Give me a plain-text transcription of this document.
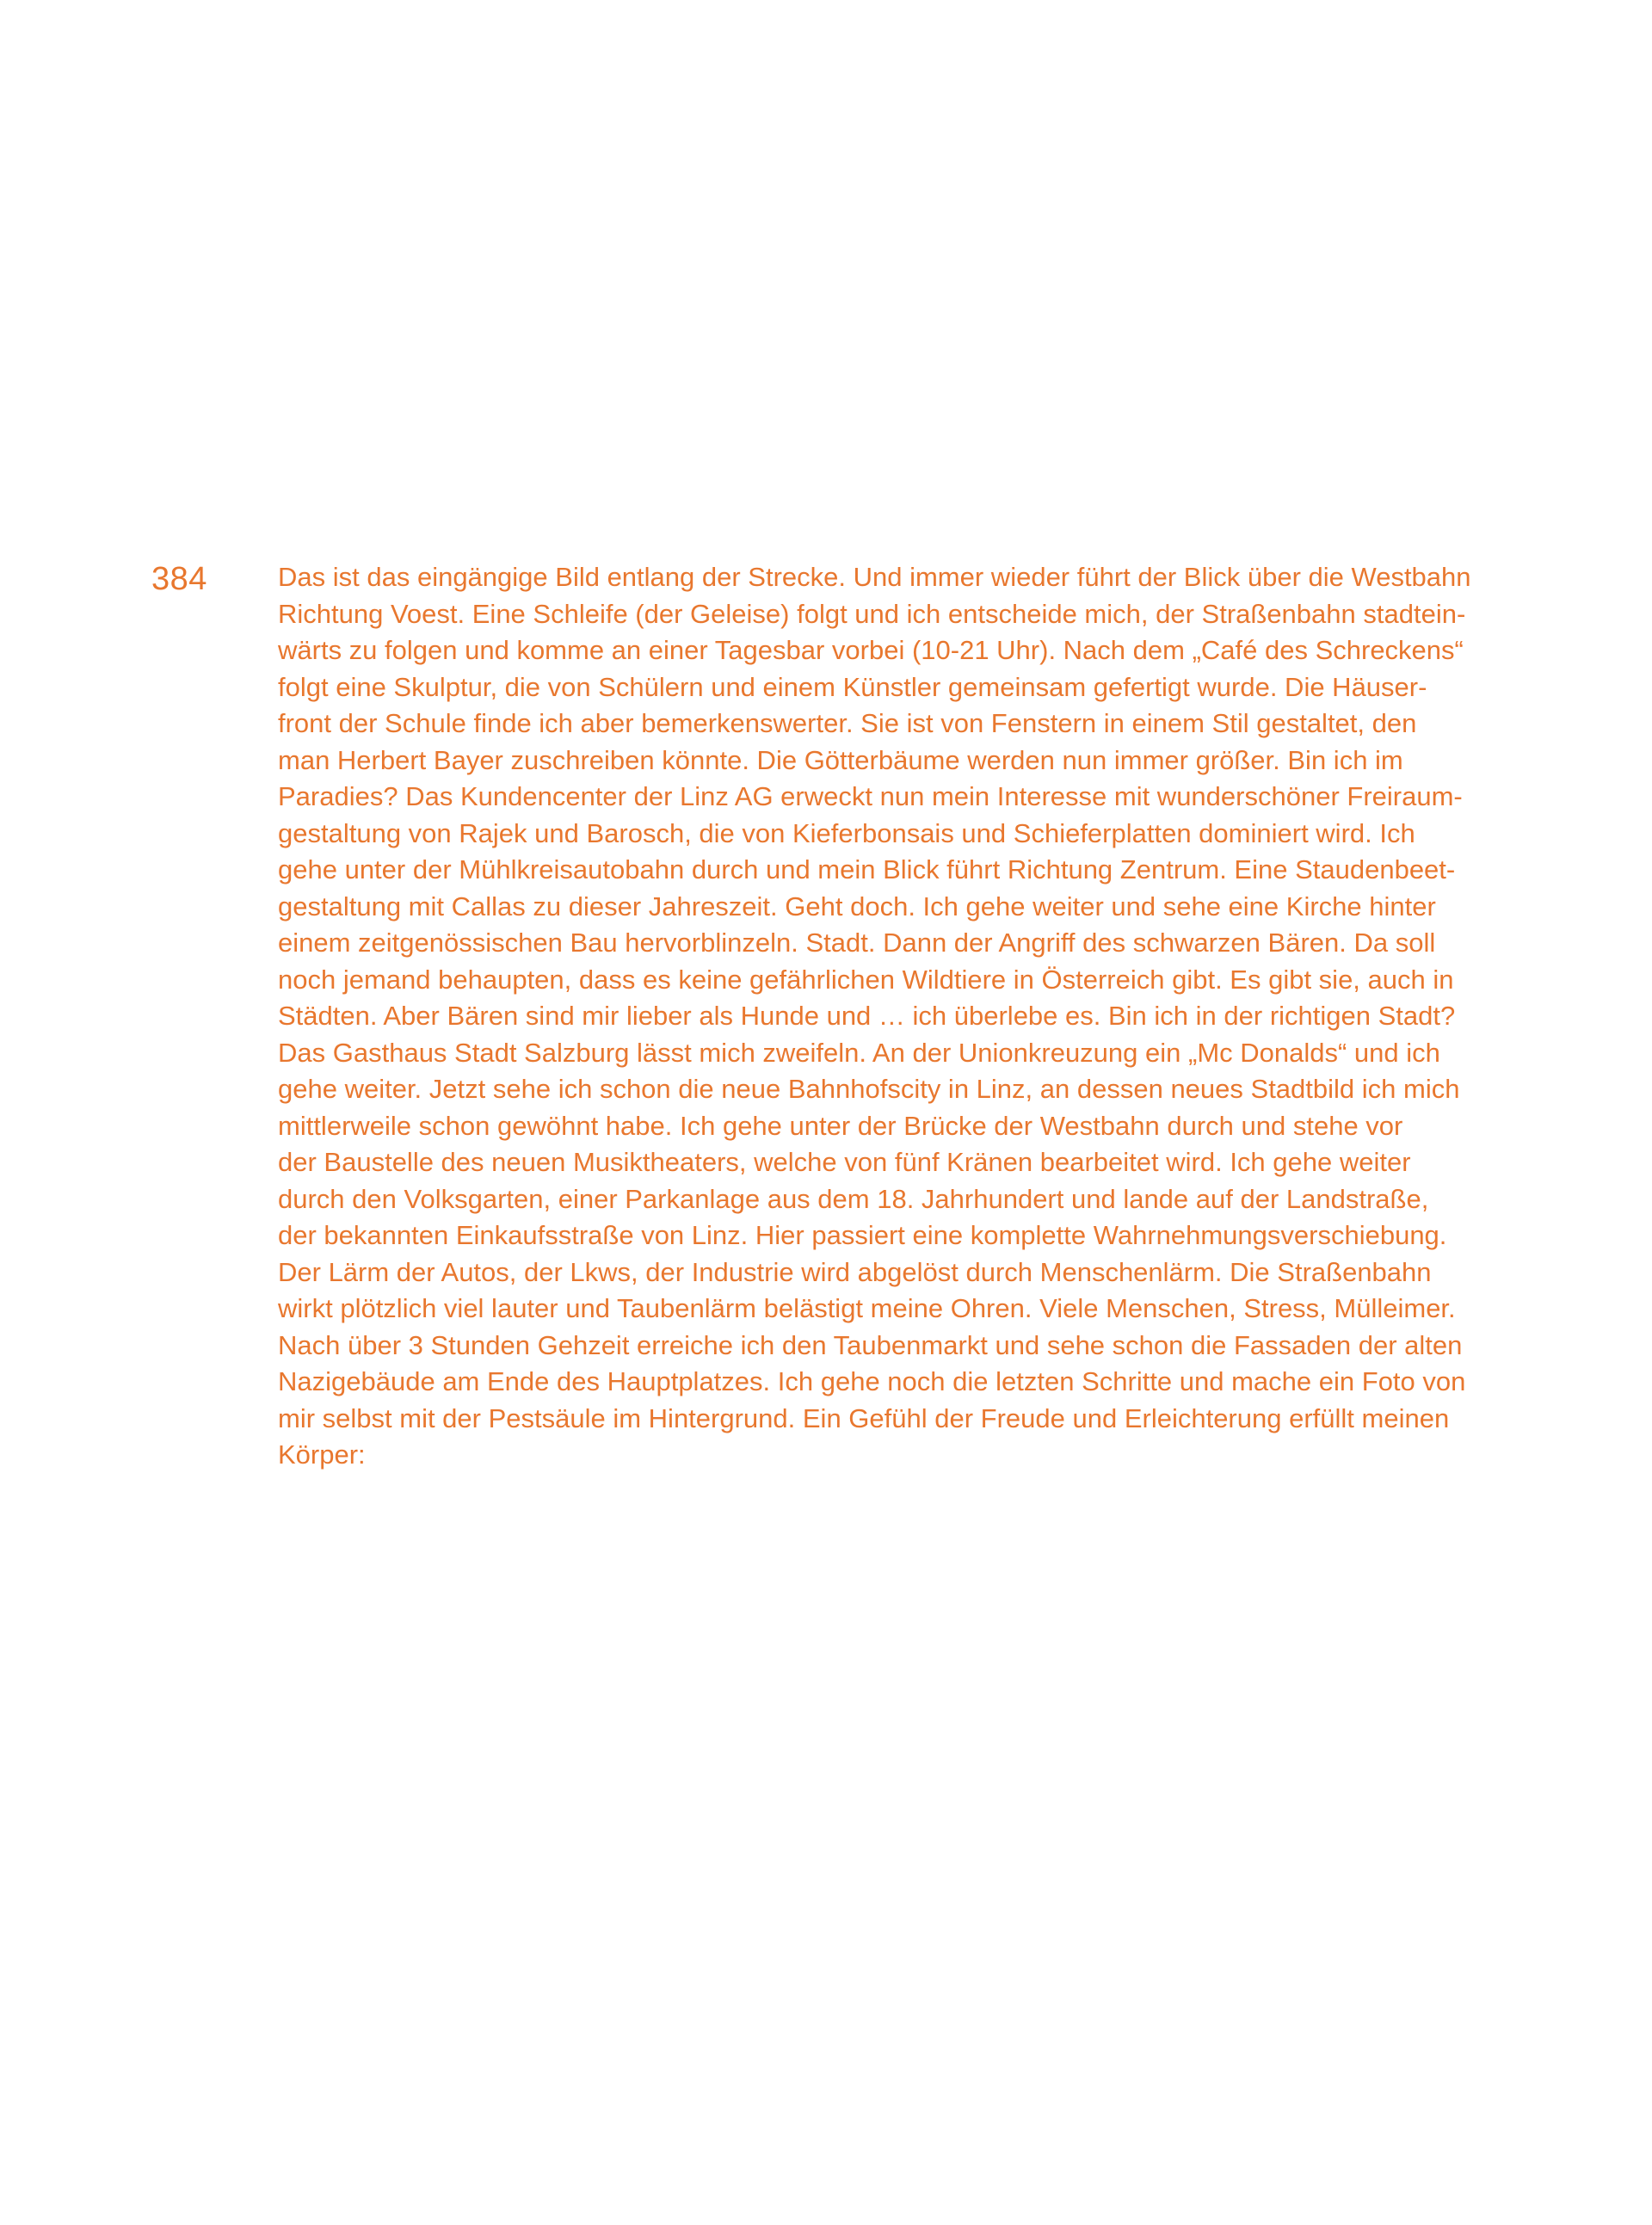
384	Das ist das eingängige Bild entlang der Strecke. Und immer wieder führt der Blick über die Westbahn
Richtung Voest. Eine Schleife (der Geleise) folgt und ich entscheide mich, der Straßenbahn stadtein-
wärts zu folgen und komme an einer Tagesbar vorbei (10-21 Uhr). Nach dem „Café des Schreckens“
folgt eine Skulptur, die von Schülern und einem Künstler gemeinsam gefertigt wurde. Die Häuser-
front der Schule finde ich aber bemerkenswerter. Sie ist von Fenstern in einem Stil gestaltet, den
man Herbert Bayer zuschreiben könnte. Die Götterbäume werden nun immer größer. Bin ich im
Paradies? Das Kundencenter der Linz AG erweckt nun mein Interesse mit wunderschöner Freiraum-
gestaltung von Rajek und Barosch, die von Kieferbonsais und Schieferplatten dominiert wird. Ich
gehe unter der Mühlkreisautobahn durch und mein Blick führt Richtung Zentrum. Eine Staudenbeet-
gestaltung mit Callas zu dieser Jahreszeit. Geht doch. Ich gehe weiter und sehe eine Kirche hinter
einem zeitgenössischen Bau hervorblinzeln. Stadt. Dann der Angriff des schwarzen Bären. Da soll
noch jemand behaupten, dass es keine gefährlichen Wildtiere in Österreich gibt. Es gibt sie, auch in
Städten. Aber Bären sind mir lieber als Hunde und … ich überlebe es. Bin ich in der richtigen Stadt?
Das Gasthaus Stadt Salzburg lässt mich zweifeln. An der Unionkreuzung ein „Mc Donalds“ und ich
gehe weiter. Jetzt sehe ich schon die neue Bahnhofscity in Linz, an dessen neues Stadtbild ich mich
mittlerweile schon gewöhnt habe. Ich gehe unter der Brücke der Westbahn durch und stehe vor
der Baustelle des neuen Musiktheaters, welche von fünf Kränen bearbeitet wird. Ich gehe weiter
durch den Volksgarten, einer Parkanlage aus dem 18. Jahrhundert und lande auf der Landstraße,
der bekannten Einkaufsstraße von Linz. Hier passiert eine komplette Wahrnehmungsverschiebung.
Der Lärm der Autos, der Lkws, der Industrie wird abgelöst durch Menschenlärm. Die Straßenbahn
wirkt plötzlich viel lauter und Taubenlärm belästigt meine Ohren. Viele Menschen, Stress, Mülleimer.
Nach über 3 Stunden Gehzeit erreiche ich den Taubenmarkt und sehe schon die Fassaden der alten
Nazigebäude am Ende des Hauptplatzes. Ich gehe noch die letzten Schritte und mache ein Foto von
mir selbst mit der Pestsäule im Hintergrund. Ein Gefühl der Freude und Erleichterung erfüllt meinen
Körper:
